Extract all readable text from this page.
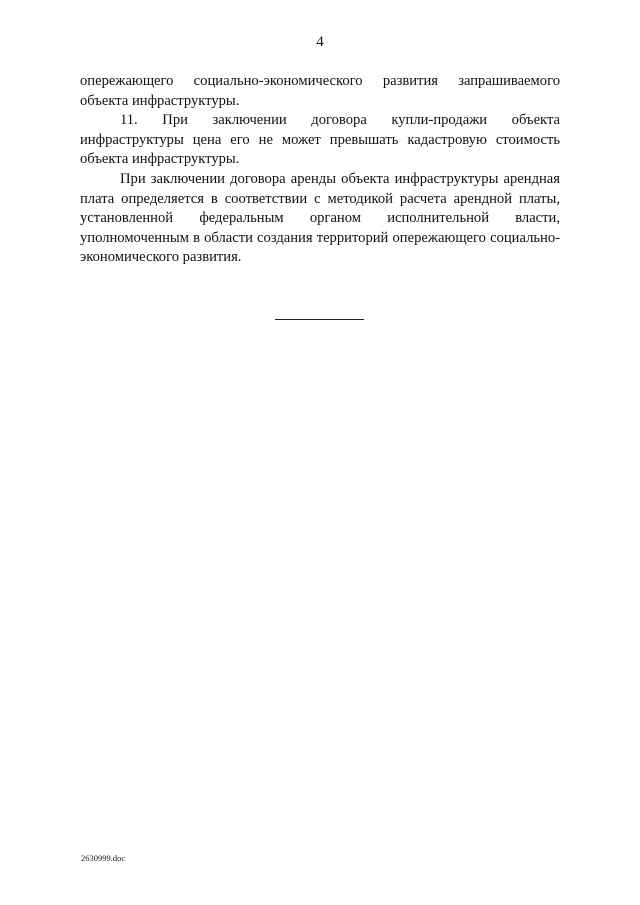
4

опережающего социально-экономического развития запрашиваемого объекта инфраструктуры.

11. При заключении договора купли-продажи объекта инфраструктуры цена его не может превышать кадастровую стоимость объекта инфраструктуры.

При заключении договора аренды объекта инфраструктуры арендная плата определяется в соответствии с методикой расчета арендной платы, установленной федеральным органом исполнительной власти, уполномоченным в области создания территорий опережающего социально-экономического развития.

2630999.doc
